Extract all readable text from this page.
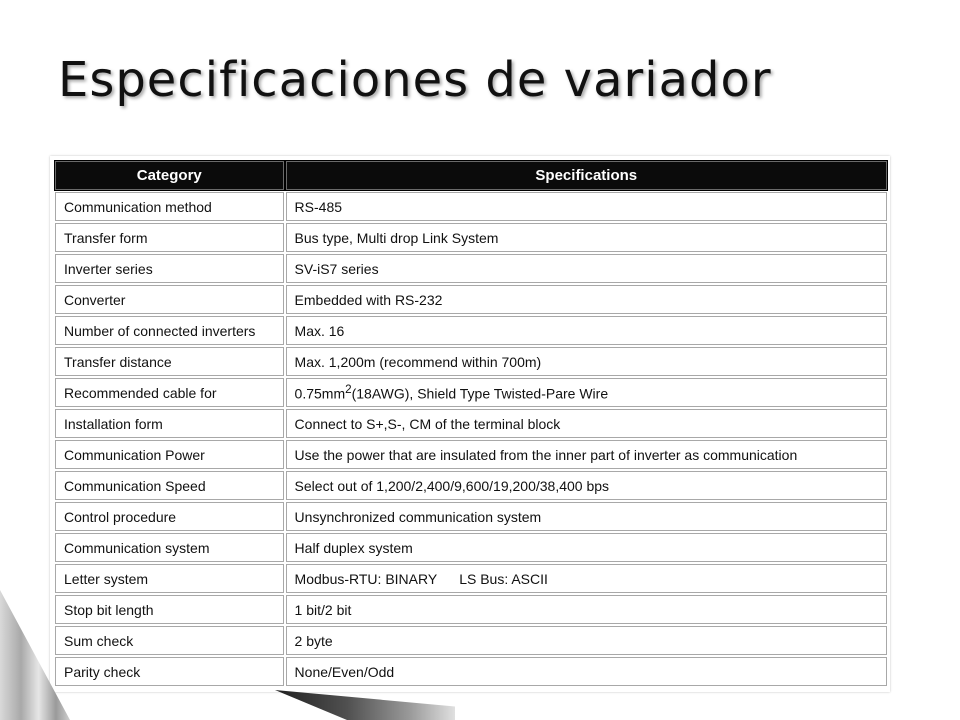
Especificaciones de variador
Category	Specifications
Communication method	RS-485
Transfer form	Bus type, Multi drop Link System
Inverter series	SV-iS7 series
Converter	Embedded with RS-232
Number of connected inverters	Max. 16
Transfer distance	Max. 1,200m (recommend within 700m)
Recommended cable for	$0.75mm^2(18AWG)$, Shield Type Twisted-Pare Wire
Installation form	Connect to S+,S-, CM of the terminal block
Communication Power	Use the power that are insulated from the inner part of inverter as communication
Communication Speed	Select out of 1,200/2,400/9,600/19,200/38,400 bps
Control procedure	Unsynchronized communication system
Communication system	Half duplex system
Letter system	Modbus-RTU: BINARY LS Bus: ASCII
Stop bit length	1 bit/2 bit
Sum check	2 byte
Parity check	None/Even/Odd
